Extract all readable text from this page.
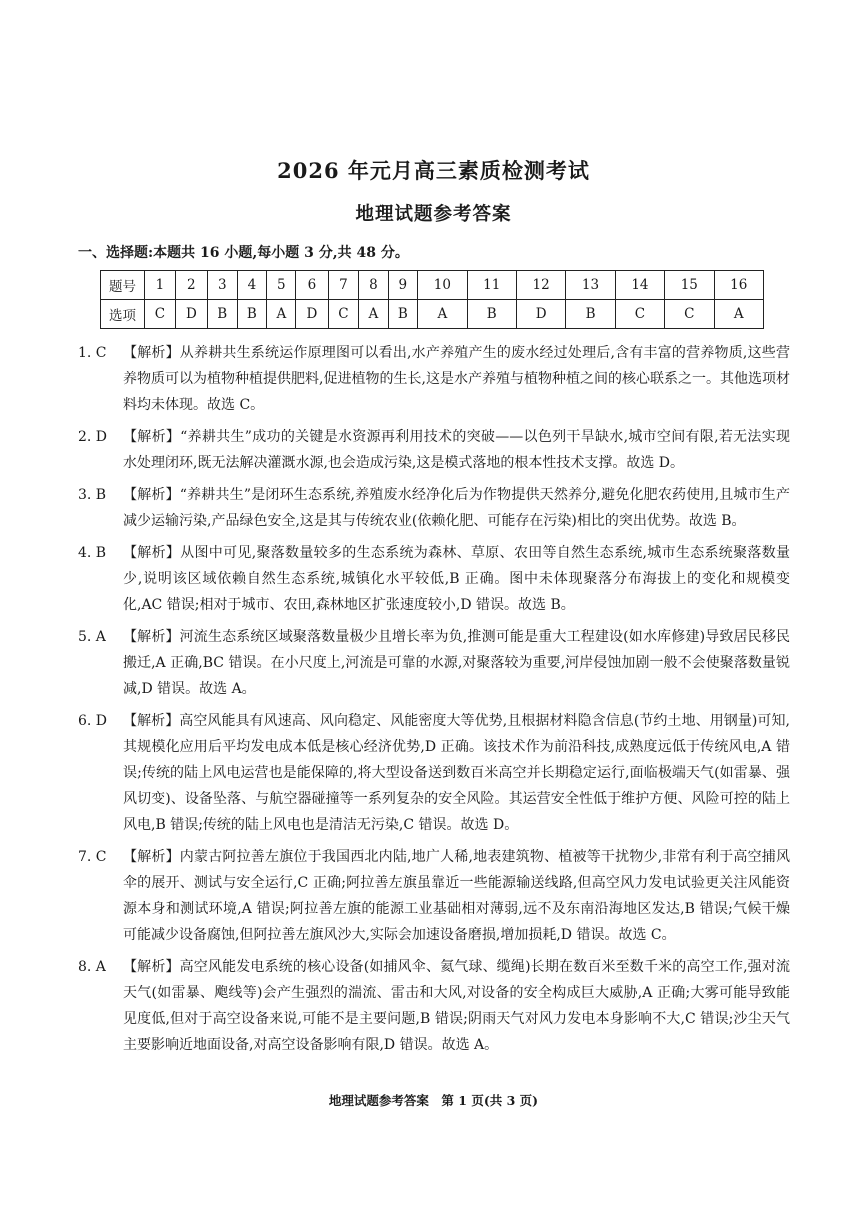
2026 年元月高三素质检测考试
地理试题参考答案
一、选择题:本题共 16 小题,每小题 3 分,共 48 分。
题号	1	2	3	4	5	6	7	8	9	10	11	12	13	14	15	16
选项	C	D	B	B	A	D	C	A	B	A	B	D	B	C	C	A
1. C 【解析】从养耕共生系统运作原理图可以看出,水产养殖产生的废水经过处理后,含有丰富的营养物质,这些营养物质可以为植物种植提供肥料,促进植物的生长,这是水产养殖与植物种植之间的核心联系之一。其他选项材料均未体现。故选 C。
2. D 【解析】“养耕共生”成功的关键是水资源再利用技术的突破——以色列干旱缺水,城市空间有限,若无法实现水处理闭环,既无法解决灌溉水源,也会造成污染,这是模式落地的根本性技术支撑。故选 D。
3. B 【解析】“养耕共生”是闭环生态系统,养殖废水经净化后为作物提供天然养分,避免化肥农药使用,且城市生产减少运输污染,产品绿色安全,这是其与传统农业(依赖化肥、可能存在污染)相比的突出优势。故选 B。
4. B 【解析】从图中可见,聚落数量较多的生态系统为森林、草原、农田等自然生态系统,城市生态系统聚落数量少,说明该区域依赖自然生态系统,城镇化水平较低,B 正确。图中未体现聚落分布海拔上的变化和规模变化,AC 错误;相对于城市、农田,森林地区扩张速度较小,D 错误。故选 B。
5. A 【解析】河流生态系统区域聚落数量极少且增长率为负,推测可能是重大工程建设(如水库修建)导致居民移民搬迁,A 正确,BC 错误。在小尺度上,河流是可靠的水源,对聚落较为重要,河岸侵蚀加剧一般不会使聚落数量锐减,D 错误。故选 A。
6. D 【解析】高空风能具有风速高、风向稳定、风能密度大等优势,且根据材料隐含信息(节约土地、用钢量)可知,其规模化应用后平均发电成本低是核心经济优势,D 正确。该技术作为前沿科技,成熟度远低于传统风电,A 错误;传统的陆上风电运营也是能保障的,将大型设备送到数百米高空并长期稳定运行,面临极端天气(如雷暴、强风切变)、设备坠落、与航空器碰撞等一系列复杂的安全风险。其运营安全性低于维护方便、风险可控的陆上风电,B 错误;传统的陆上风电也是清洁无污染,C 错误。故选 D。
7. C 【解析】内蒙古阿拉善左旗位于我国西北内陆,地广人稀,地表建筑物、植被等干扰物少,非常有利于高空捕风伞的展开、测试与安全运行,C 正确;阿拉善左旗虽靠近一些能源输送线路,但高空风力发电试验更关注风能资源本身和测试环境,A 错误;阿拉善左旗的能源工业基础相对薄弱,远不及东南沿海地区发达,B 错误;气候干燥可能减少设备腐蚀,但阿拉善左旗风沙大,实际会加速设备磨损,增加损耗,D 错误。故选 C。
8. A 【解析】高空风能发电系统的核心设备(如捕风伞、氦气球、缆绳)长期在数百米至数千米的高空工作,强对流天气(如雷暴、飑线等)会产生强烈的湍流、雷击和大风,对设备的安全构成巨大威胁,A 正确;大雾可能导致能见度低,但对于高空设备来说,可能不是主要问题,B 错误;阴雨天气对风力发电本身影响不大,C 错误;沙尘天气主要影响近地面设备,对高空设备影响有限,D 错误。故选 A。
地理试题参考答案　第 1 页(共 3 页)
